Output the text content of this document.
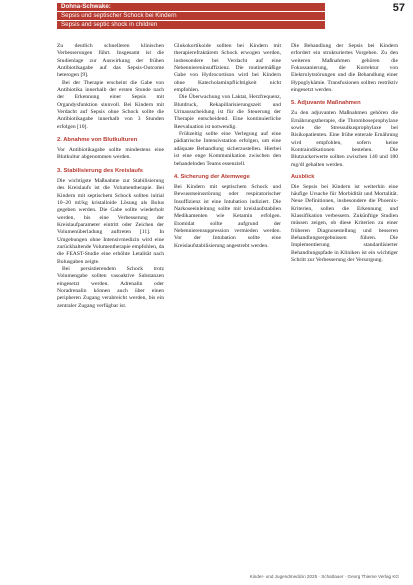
Dohna-Schwake:
Sepsis und septischer Schock bei Kindern
Sepsis and septic shock in children
57

Zu deutlich schnelleren klinischen Verbesserungen führt. Insgesamt ist die Studienlage zur Auswirkung der frühen Antibiotikagabe auf das Sepsis-Outcome heterogen [9].

Bei der Therapie erscheint die Gabe von Antibiotika innerhalb der ersten Stunde nach der Erkennung einer Sepsis mit Organdysfunktion sinnvoll. Bei Kindern mit Verdacht auf Sepsis ohne Schock sollte die Antibiotikagabe innerhalb von 3 Stunden erfolgen [10].

2. Abnahme von Blutkulturen

Vor Antibiotikagabe sollte mindestens eine Blutkultur abgenommen werden.

3. Stabilisierung des Kreislaufs

Die wichtigste Maßnahme zur Stabilisierung des Kreislaufs ist die Volumentherapie. Bei Kindern mit septischem Schock sollten initial 10–20 ml/kg kristalloide Lösung als Bolus gegeben werden. Die Gabe sollte wiederholt werden, bis eine Verbesserung der Kreislaufparameter eintritt oder Zeichen der Volumenüberladung auftreten [11]. In Umgebungen ohne Intensivmedizin wird eine zurückhaltende Volumentherapie empfohlen, da die FEAST-Studie eine erhöhte Letalität nach Bolusgaben zeigte.

Bei persistierendem Schock trotz Volumengabe sollten vasoaktive Substanzen eingesetzt werden. Adrenalin oder Noradrenalin können auch über einen peripheren Zugang verabreicht werden, bis ein zentraler Zugang verfügbar ist.

Glukokortikoide sollten bei Kindern mit therapierefraktärem Schock erwogen werden, insbesondere bei Verdacht auf eine Nebenniereninsuffizienz. Die routinemäßige Gabe von Hydrocortison wird bei Kindern ohne Katecholaminpflichtigkeit nicht empfohlen.

Die Überwachung von Laktat, Herzfrequenz, Blutdruck, Rekapillarisierungszeit und Urinausscheidung ist für die Steuerung der Therapie entscheidend. Eine kontinuierliche Reevaluation ist notwendig.

Frühzeitig sollte eine Verlegung auf eine pädiatrische Intensivstation erfolgen, um eine adäquate Behandlung sicherzustellen. Hierbei ist eine enge Kommunikation zwischen den behandelnden Teams essenziell.

4. Sicherung der Atemwege

Bei Kindern mit septischem Schock und Bewusstseinsstörung oder respiratorischer Insuffizienz ist eine Intubation indiziert. Die Narkoseeinleitung sollte mit kreislaufstabilen Medikamenten wie Ketamin erfolgen. Etomidat sollte aufgrund der Nebennierensuppression vermieden werden. Vor der Intubation sollte eine Kreislaufstabilisierung angestrebt werden.

Die Behandlung der Sepsis bei Kindern erfordert ein strukturiertes Vorgehen. Zu den weiteren Maßnahmen gehören die Fokussanierung, die Korrektur von Elektrolytstörungen und die Behandlung einer Hypoglykämie. Transfusionen sollten restriktiv eingesetzt werden.

5. Adjuvante Maßnahmen

Zu den adjuvanten Maßnahmen gehören die Ernährungstherapie, die Thromboseprophylaxe sowie die Stressulkusprophylaxe bei Risikopatienten. Eine frühe enterale Ernährung wird empfohlen, sofern keine Kontraindikationen bestehen. Die Blutzuckerwerte sollten zwischen 140 und 180 mg/dl gehalten werden.

Ausblick

Die Sepsis bei Kindern ist weiterhin eine häufige Ursache für Morbidität und Mortalität. Neue Definitionen, insbesondere die Phoenix-Kriterien, sollen die Erkennung und Klassifikation verbessern. Zukünftige Studien müssen zeigen, ob diese Kriterien zu einer früheren Diagnosestellung und besseren Behandlungsergebnissen führen. Die Implementierung standardisierter Behandlungspfade in Kliniken ist ein wichtiger Schritt zur Verbesserung der Versorgung.

Kinder- und Jugendmedizin 2025 · Schattauer · Georg Thieme Verlag KG
